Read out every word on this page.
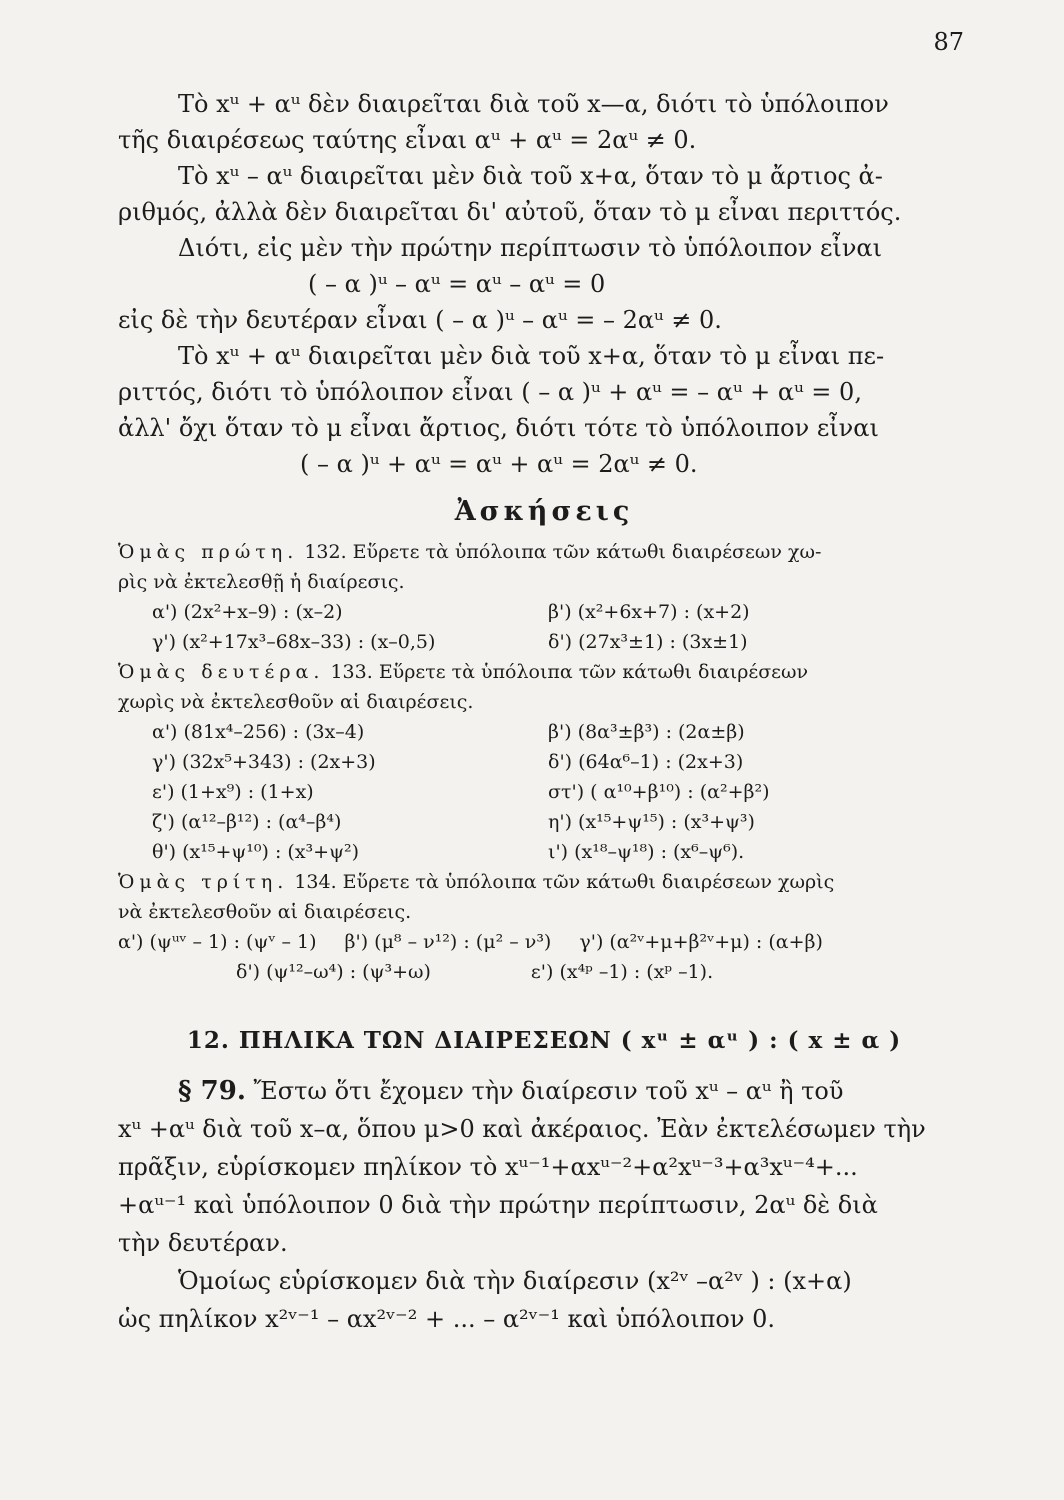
87

Τὸ xᵘ + αᵘ δὲν διαιρεῖται διὰ τοῦ x—α, διότι τὸ ὑπόλοιπον

τῆς διαιρέσεως ταύτης εἶναι αᵘ + αᵘ = 2αᵘ ≠ 0.

Τὸ xᵘ – αᵘ διαιρεῖται μὲν διὰ τοῦ x+α, ὅταν τὸ μ ἄρτιος ἀ-

ριθμός, ἀλλὰ δὲν διαιρεῖται δι' αὐτοῦ, ὅταν τὸ μ εἶναι περιττός.

Διότι, εἰς μὲν τὴν πρώτην περίπτωσιν τὸ ὑπόλοιπον εἶναι

( – α )ᵘ – αᵘ = αᵘ – αᵘ = 0

εἰς δὲ τὴν δευτέραν εἶναι ( – α )ᵘ – αᵘ = – 2αᵘ ≠ 0.

Τὸ xᵘ + αᵘ διαιρεῖται μὲν διὰ τοῦ x+α, ὅταν τὸ μ εἶναι πε-

ριττός, διότι τὸ ὑπόλοιπον εἶναι ( – α )ᵘ + αᵘ = – αᵘ + αᵘ = 0,

ἀλλ' ὄχι ὅταν τὸ μ εἶναι ἄρτιος, διότι τότε τὸ ὑπόλοιπον εἶναι

( – α )ᵘ + αᵘ = αᵘ + αᵘ = 2αᵘ ≠ 0.

Ἀσκήσεις
Ὁμὰς πρώτη. 132. Εὕρετε τὰ ὑπόλοιπα τῶν κάτωθι διαιρέσεων χω-
ρὶς νὰ ἐκτελεσθῇ ἡ διαίρεσις.
α') (2x²+x–9) : (x–2)	β') (x²+6x+7) : (x+2)
γ') (x²+17x³–68x–33) : (x–0,5)	δ') (27x³±1) : (3x±1)
Ὁμὰς δευτέρα. 133. Εὕρετε τὰ ὑπόλοιπα τῶν κάτωθι διαιρέσεων
χωρὶς νὰ ἐκτελεσθοῦν αἱ διαιρέσεις.
α') (81x⁴–256) : (3x–4)	β') (8α³±β³) : (2α±β)
γ') (32x⁵+343) : (2x+3)	δ') (64α⁶–1) : (2x+3)
ε') (1+x⁹) : (1+x)	στ') ( α¹⁰+β¹⁰) : (α²+β²)
ζ') (α¹²–β¹²) : (α⁴–β⁴)	η') (x¹⁵+ψ¹⁵) : (x³+ψ³)
θ') (x¹⁵+ψ¹⁰) : (x³+ψ²)	ι') (x¹⁸–ψ¹⁸) : (x⁶–ψ⁶).
Ὁμὰς τρίτη. 134. Εὕρετε τὰ ὑπόλοιπα τῶν κάτωθι διαιρέσεων χωρὶς
νὰ ἐκτελεσθοῦν αἱ διαιρέσεις.
α') (ψᵘᵛ – 1) : (ψᵛ – 1) β') (μ⁸ – ν¹²) : (μ² – ν³) γ') (α²ᵛ+μ+β²ᵛ+μ) : (α+β)
δ') (ψ¹²–ω⁴) : (ψ³+ω)	ε') (x⁴ᵖ –1) : (xᵖ –1).
12. ΠΗΛΙΚΑ ΤΩΝ ΔΙΑΙΡΕΣΕΩΝ ( xᵘ ± αᵘ ) : ( x ± α )

§ 79. Ἔστω ὅτι ἔχομεν τὴν διαίρεσιν τοῦ xᵘ – αᵘ ἢ τοῦ

xᵘ +αᵘ διὰ τοῦ x–α, ὅπου μ>0 καὶ ἀκέραιος. Ἐὰν ἐκτελέσωμεν τὴν

πρᾶξιν, εὑρίσκομεν πηλίκον τὸ xᵘ⁻¹+αxᵘ⁻²+α²xᵘ⁻³+α³xᵘ⁻⁴+...

+αᵘ⁻¹ καὶ ὑπόλοιπον 0 διὰ τὴν πρώτην περίπτωσιν, 2αᵘ δὲ διὰ

τὴν δευτέραν.

Ὁμοίως εὑρίσκομεν διὰ τὴν διαίρεσιν (x²ᵛ –α²ᵛ ) : (x+α)

ὡς πηλίκον x²ᵛ⁻¹ – αx²ᵛ⁻² + ... – α²ᵛ⁻¹ καὶ ὑπόλοιπον 0.
